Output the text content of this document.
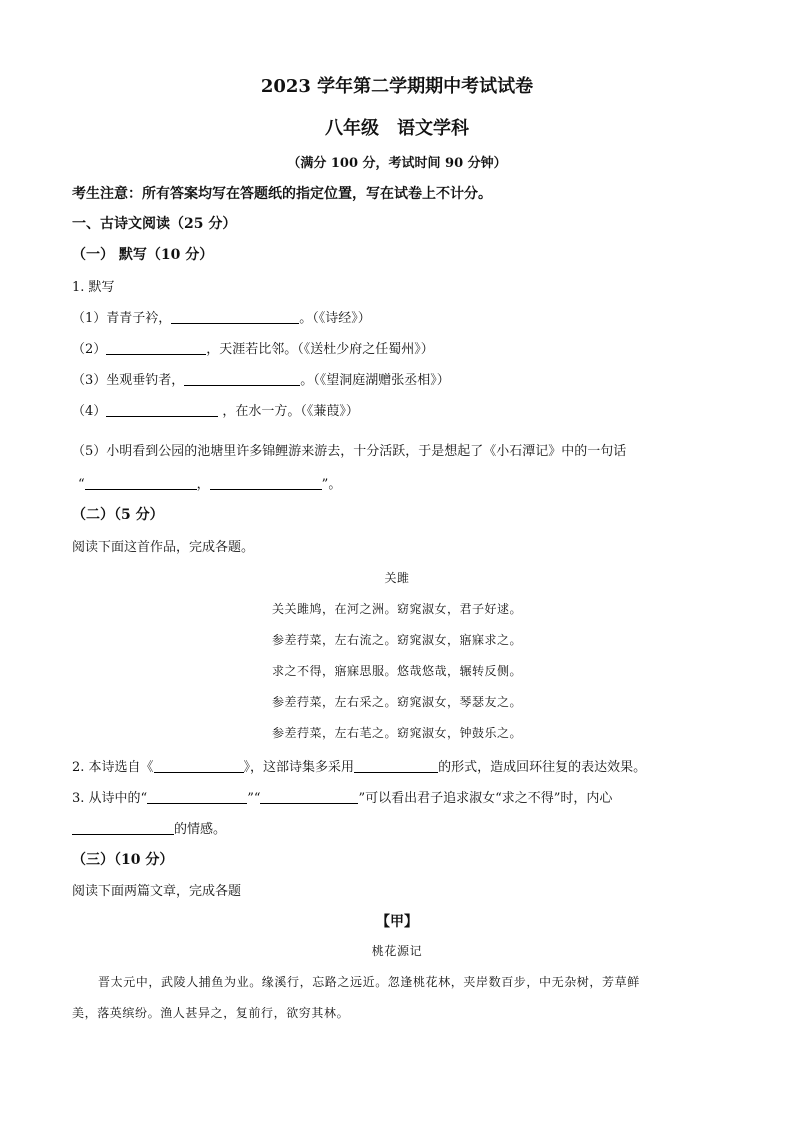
2023 学年第二学期期中考试试卷
八年级　语文学科
（满分 100 分，考试时间 90 分钟）
考生注意：所有答案均写在答题纸的指定位置，写在试卷上不计分。
一、古诗文阅读（25 分）
（一） 默写（10 分）
1. 默写
（1）青青子衿，	。（《诗经》）
（2）	，天涯若比邻。（《送杜少府之任蜀州》）
（3）坐观垂钓者，	。（《望洞庭湖赠张丞相》）
（4）	，在水一方。（《蒹葭》）
（5）小明看到公园的池塘里许多锦鲤游来游去，十分活跃，于是想起了《小石潭记》中的一句话
“	，	”。
（二）（5 分）
阅读下面这首作品，完成各题。
关雎
关关雎鸠，在河之洲。窈窕淑女，君子好逑。
参差荇菜，左右流之。窈窕淑女，寤寐求之。
求之不得，寤寐思服。悠哉悠哉，辗转反侧。
参差荇菜，左右采之。窈窕淑女，琴瑟友之。
参差荇菜，左右芼之。窈窕淑女，钟鼓乐之。
2. 本诗选自《	》，这部诗集多采用	的形式，造成回环往复的表达效果。
3. 从诗中的“	”“	”可以看出君子追求淑女“求之不得”时，内心
的情感。
（三）（10 分）
阅读下面两篇文章，完成各题
【甲】
桃花源记
晋太元中，武陵人捕鱼为业。缘溪行，忘路之远近。忽逢桃花林，夹岸数百步，中无杂树，芳草鲜
美，落英缤纷。渔人甚异之，复前行，欲穷其林。
